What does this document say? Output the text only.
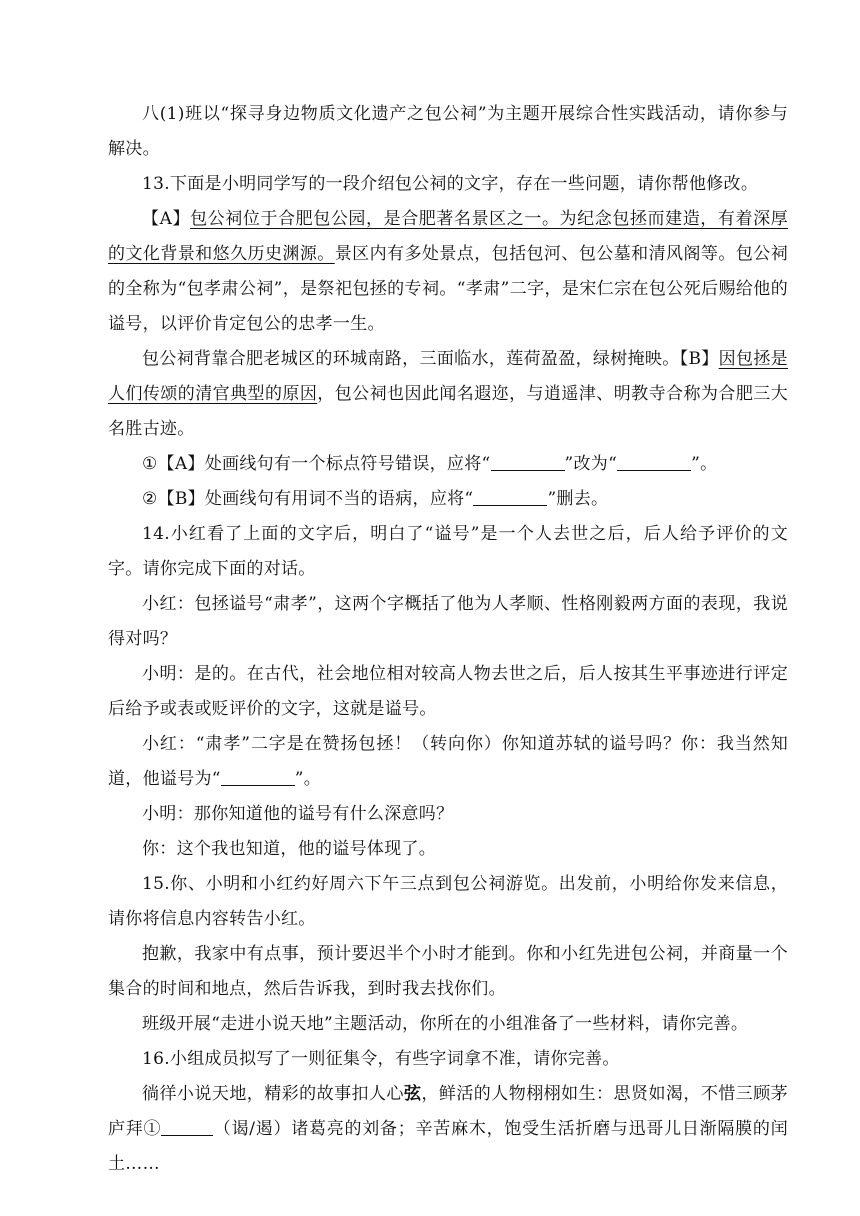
八(1)班以“探寻身边物质文化遗产之包公祠”为主题开展综合性实践活动，请你参与解决。

13.下面是小明同学写的一段介绍包公祠的文字，存在一些问题，请你帮他修改。

【A】包公祠位于合肥包公园，是合肥著名景区之一。为纪念包拯而建造，有着深厚的文化背景和悠久历史渊源。景区内有多处景点，包括包河、包公墓和清风阁等。包公祠的全称为“包孝肃公祠”，是祭祀包拯的专祠。“孝肃”二字，是宋仁宗在包公死后赐给他的谥号，以评价肯定包公的忠孝一生。

包公祠背靠合肥老城区的环城南路，三面临水，莲荷盈盈，绿树掩映。【B】因包拯是人们传颂的清官典型的原因，包公祠也因此闻名遐迩，与逍遥津、明教寺合称为合肥三大名胜古迹。

①【A】处画线句有一个标点符号错误，应将“	”改为“	”。

②【B】处画线句有用词不当的语病，应将“	”删去。

14.小红看了上面的文字后，明白了“谥号”是一个人去世之后，后人给予评价的文字。请你完成下面的对话。

小红：包拯谥号“肃孝”，这两个字概括了他为人孝顺、性格刚毅两方面的表现，我说得对吗？

小明：是的。在古代，社会地位相对较高人物去世之后，后人按其生平事迹进行评定后给予或表或贬评价的文字，这就是谥号。

小红：“肃孝”二字是在赞扬包拯！（转向你）你知道苏轼的谥号吗？你：我当然知道，他谥号为“	”。

小明：那你知道他的谥号有什么深意吗？

你：这个我也知道，他的谥号体现了。

15.你、小明和小红约好周六下午三点到包公祠游览。出发前，小明给你发来信息，请你将信息内容转告小红。

抱歉，我家中有点事，预计要迟半个小时才能到。你和小红先进包公祠，并商量一个集合的时间和地点，然后告诉我，到时我去找你们。

班级开展“走进小说天地”主题活动，你所在的小组准备了一些材料，请你完善。

16.小组成员拟写了一则征集令，有些字词拿不准，请你完善。

徜徉小说天地，精彩的故事扣人心弦，鲜活的人物栩栩如生：思贤如渴，不惜三顾茅庐拜①	（谒/遏）诸葛亮的刘备；辛苦麻木，饱受生活折磨与迅哥儿日渐隔膜的闰土……
